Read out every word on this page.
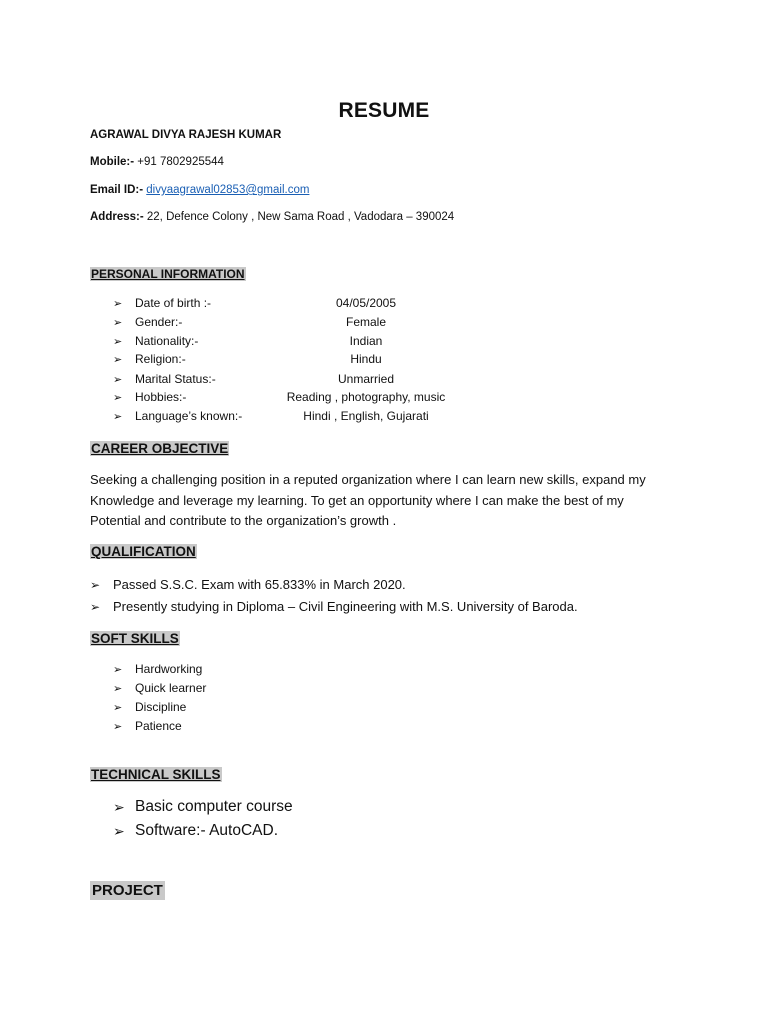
RESUME
AGRAWAL DIVYA RAJESH KUMAR
Mobile:- +91 7802925544
Email ID:- divyaagrawal02853@gmail.com
Address:- 22, Defence Colony , New Sama Road , Vadodara – 390024
PERSONAL INFORMATION
➢ Date of birth :-	04/05/2005
➢ Gender:-	Female
➢ Nationality:-	Indian
➢ Religion:-	Hindu
➢ Marital Status:-	Unmarried
➢ Hobbies:-	Reading , photography, music
➢ Language’s known:-	Hindi , English, Gujarati
CAREER OBJECTIVE
Seeking a challenging position in a reputed organization where I can learn new skills, expand my
Knowledge and leverage my learning. To get an opportunity where I can make the best of my
Potential and contribute to the organization’s growth .
QUALIFICATION
➢ Passed S.S.C. Exam with 65.833% in March 2020.
➢ Presently studying in Diploma – Civil Engineering with M.S. University of Baroda.
SOFT SKILLS
➢ Hardworking
➢ Quick learner
➢ Discipline
➢ Patience
TECHNICAL SKILLS
➢ Basic computer course
➢ Software:- AutoCAD.
PROJECT
